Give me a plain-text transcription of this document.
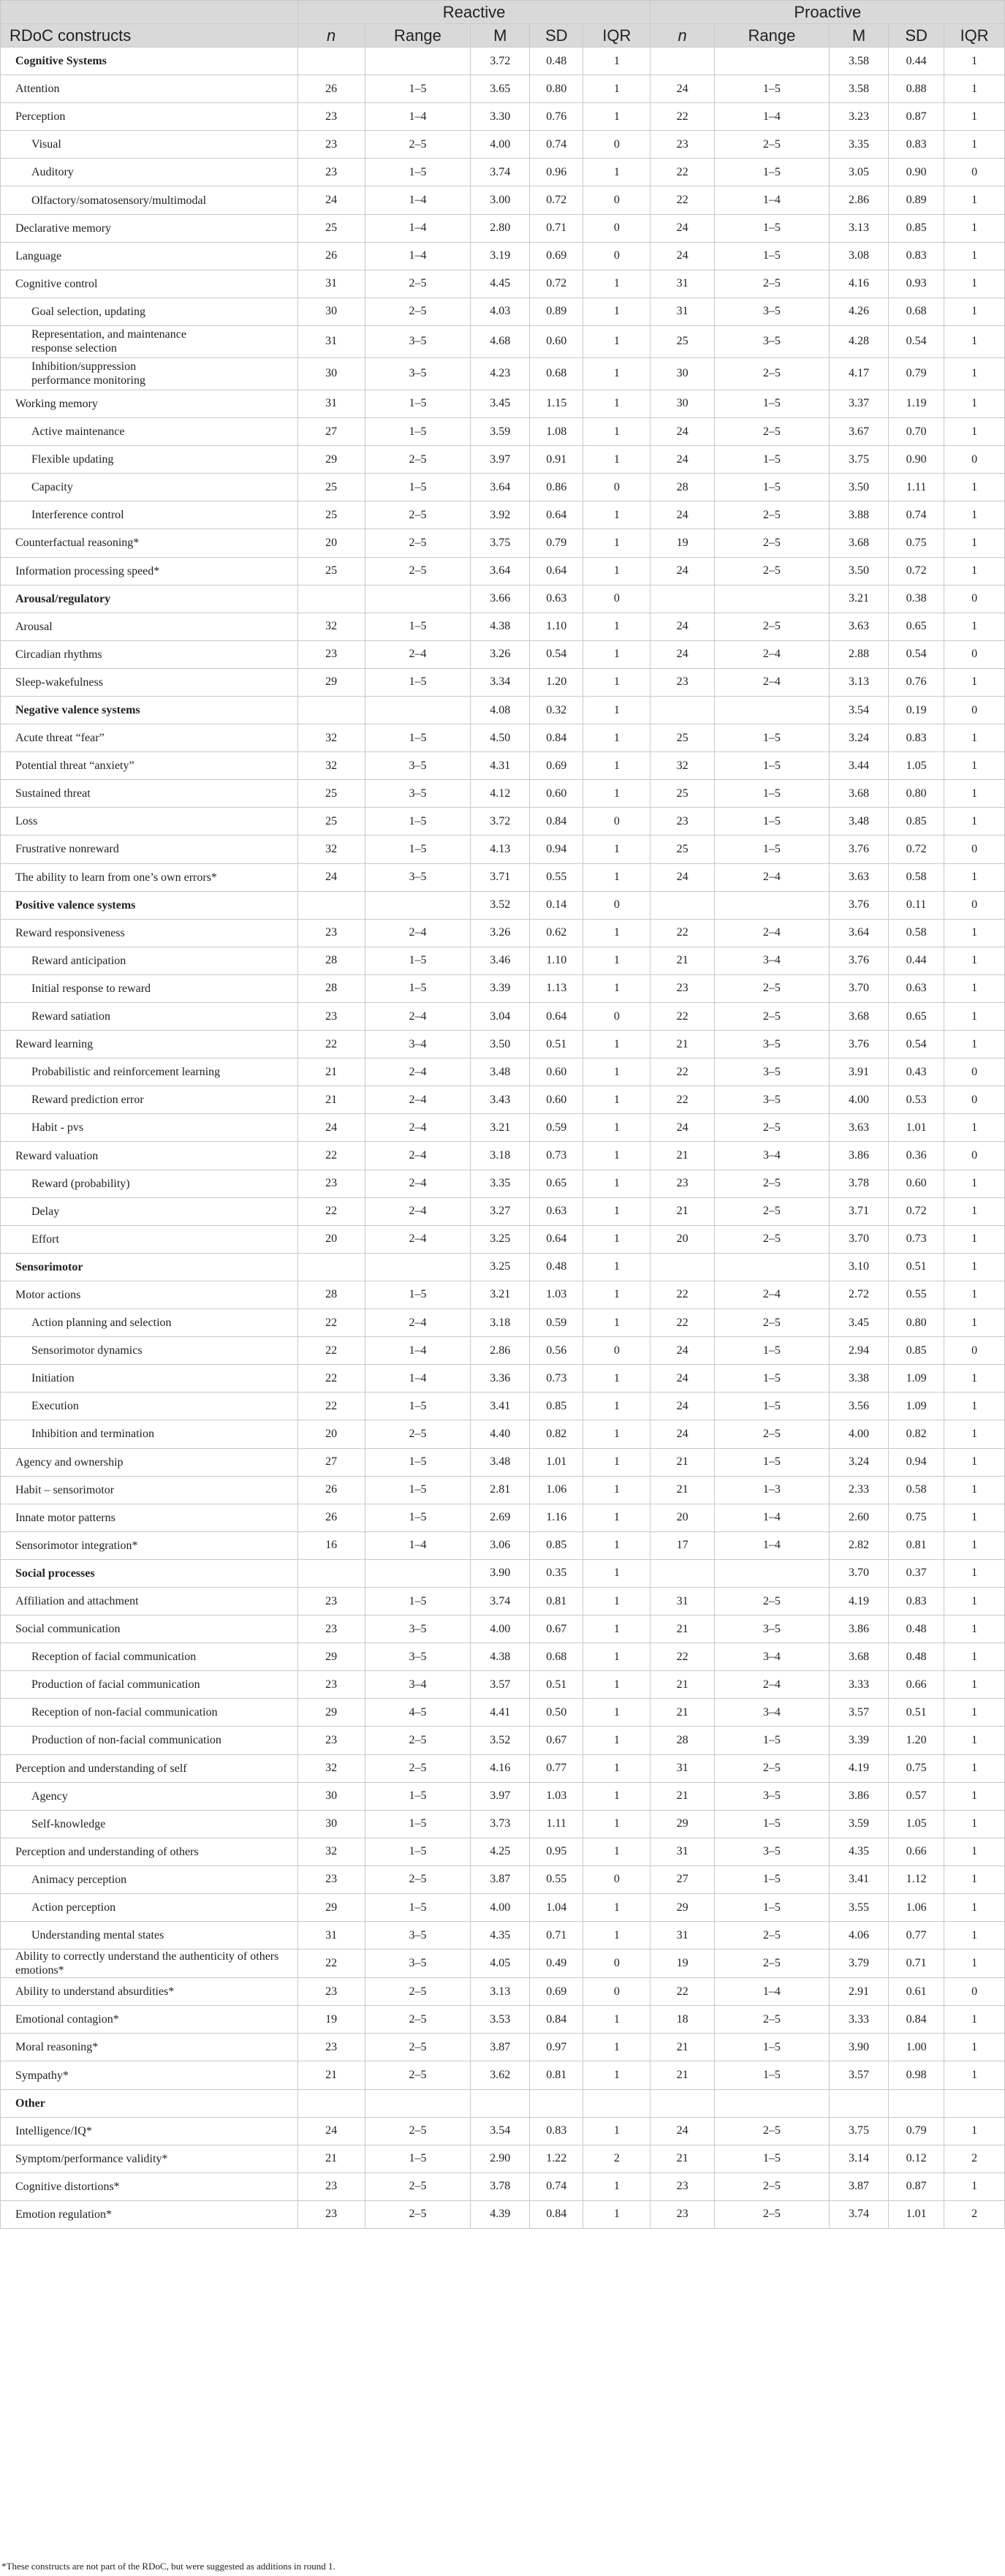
	Reactive					Proactive				
RDoC constructs	n	Range	M	SD	IQR	n	Range	M	SD	IQR
Cognitive Systems			3.72	0.48	1			3.58	0.44	1
Attention	26	1–5	3.65	0.80	1	24	1–5	3.58	0.88	1
Perception	23	1–4	3.30	0.76	1	22	1–4	3.23	0.87	1
Visual	23	2–5	4.00	0.74	0	23	2–5	3.35	0.83	1
Auditory	23	1–5	3.74	0.96	1	22	1–5	3.05	0.90	0
Olfactory/somatosensory/multimodal	24	1–4	3.00	0.72	0	22	1–4	2.86	0.89	1
Declarative memory	25	1–4	2.80	0.71	0	24	1–5	3.13	0.85	1
Language	26	1–4	3.19	0.69	0	24	1–5	3.08	0.83	1
Cognitive control	31	2–5	4.45	0.72	1	31	2–5	4.16	0.93	1
Goal selection, updating	30	2–5	4.03	0.89	1	31	3–5	4.26	0.68	1
Representation, and maintenance
response selection	31	3–5	4.68	0.60	1	25	3–5	4.28	0.54	1
Inhibition/suppression
performance monitoring	30	3–5	4.23	0.68	1	30	2–5	4.17	0.79	1
Working memory	31	1–5	3.45	1.15	1	30	1–5	3.37	1.19	1
Active maintenance	27	1–5	3.59	1.08	1	24	2–5	3.67	0.70	1
Flexible updating	29	2–5	3.97	0.91	1	24	1–5	3.75	0.90	0
Capacity	25	1–5	3.64	0.86	0	28	1–5	3.50	1.11	1
Interference control	25	2–5	3.92	0.64	1	24	2–5	3.88	0.74	1
Counterfactual reasoning*	20	2–5	3.75	0.79	1	19	2–5	3.68	0.75	1
Information processing speed*	25	2–5	3.64	0.64	1	24	2–5	3.50	0.72	1
Arousal/regulatory			3.66	0.63	0			3.21	0.38	0
Arousal	32	1–5	4.38	1.10	1	24	2–5	3.63	0.65	1
Circadian rhythms	23	2–4	3.26	0.54	1	24	2–4	2.88	0.54	0
Sleep-wakefulness	29	1–5	3.34	1.20	1	23	2–4	3.13	0.76	1
Negative valence systems			4.08	0.32	1			3.54	0.19	0
Acute threat “fear”	32	1–5	4.50	0.84	1	25	1–5	3.24	0.83	1
Potential threat “anxiety”	32	3–5	4.31	0.69	1	32	1–5	3.44	1.05	1
Sustained threat	25	3–5	4.12	0.60	1	25	1–5	3.68	0.80	1
Loss	25	1–5	3.72	0.84	0	23	1–5	3.48	0.85	1
Frustrative nonreward	32	1–5	4.13	0.94	1	25	1–5	3.76	0.72	0
The ability to learn from one’s own errors*	24	3–5	3.71	0.55	1	24	2–4	3.63	0.58	1
Positive valence systems			3.52	0.14	0			3.76	0.11	0
Reward responsiveness	23	2–4	3.26	0.62	1	22	2–4	3.64	0.58	1
Reward anticipation	28	1–5	3.46	1.10	1	21	3–4	3.76	0.44	1
Initial response to reward	28	1–5	3.39	1.13	1	23	2–5	3.70	0.63	1
Reward satiation	23	2–4	3.04	0.64	0	22	2–5	3.68	0.65	1
Reward learning	22	3–4	3.50	0.51	1	21	3–5	3.76	0.54	1
Probabilistic and reinforcement learning	21	2–4	3.48	0.60	1	22	3–5	3.91	0.43	0
Reward prediction error	21	2–4	3.43	0.60	1	22	3–5	4.00	0.53	0
Habit - pvs	24	2–4	3.21	0.59	1	24	2–5	3.63	1.01	1
Reward valuation	22	2–4	3.18	0.73	1	21	3–4	3.86	0.36	0
Reward (probability)	23	2–4	3.35	0.65	1	23	2–5	3.78	0.60	1
Delay	22	2–4	3.27	0.63	1	21	2–5	3.71	0.72	1
Effort	20	2–4	3.25	0.64	1	20	2–5	3.70	0.73	1
Sensorimotor			3.25	0.48	1			3.10	0.51	1
Motor actions	28	1–5	3.21	1.03	1	22	2–4	2.72	0.55	1
Action planning and selection	22	2–4	3.18	0.59	1	22	2–5	3.45	0.80	1
Sensorimotor dynamics	22	1–4	2.86	0.56	0	24	1–5	2.94	0.85	0
Initiation	22	1–4	3.36	0.73	1	24	1–5	3.38	1.09	1
Execution	22	1–5	3.41	0.85	1	24	1–5	3.56	1.09	1
Inhibition and termination	20	2–5	4.40	0.82	1	24	2–5	4.00	0.82	1
Agency and ownership	27	1–5	3.48	1.01	1	21	1–5	3.24	0.94	1
Habit – sensorimotor	26	1–5	2.81	1.06	1	21	1–3	2.33	0.58	1
Innate motor patterns	26	1–5	2.69	1.16	1	20	1–4	2.60	0.75	1
Sensorimotor integration*	16	1–4	3.06	0.85	1	17	1–4	2.82	0.81	1
Social processes			3.90	0.35	1			3.70	0.37	1
Affiliation and attachment	23	1–5	3.74	0.81	1	31	2–5	4.19	0.83	1
Social communication	23	3–5	4.00	0.67	1	21	3–5	3.86	0.48	1
Reception of facial communication	29	3–5	4.38	0.68	1	22	3–4	3.68	0.48	1
Production of facial communication	23	3–4	3.57	0.51	1	21	2–4	3.33	0.66	1
Reception of non-facial communication	29	4–5	4.41	0.50	1	21	3–4	3.57	0.51	1
Production of non-facial communication	23	2–5	3.52	0.67	1	28	1–5	3.39	1.20	1
Perception and understanding of self	32	2–5	4.16	0.77	1	31	2–5	4.19	0.75	1
Agency	30	1–5	3.97	1.03	1	21	3–5	3.86	0.57	1
Self-knowledge	30	1–5	3.73	1.11	1	29	1–5	3.59	1.05	1
Perception and understanding of others	32	1–5	4.25	0.95	1	31	3–5	4.35	0.66	1
Animacy perception	23	2–5	3.87	0.55	0	27	1–5	3.41	1.12	1
Action perception	29	1–5	4.00	1.04	1	29	1–5	3.55	1.06	1
Understanding mental states	31	3–5	4.35	0.71	1	31	2–5	4.06	0.77	1
Ability to correctly understand the authenticity of others emotions*	22	3–5	4.05	0.49	0	19	2–5	3.79	0.71	1
Ability to understand absurdities*	23	2–5	3.13	0.69	0	22	1–4	2.91	0.61	0
Emotional contagion*	19	2–5	3.53	0.84	1	18	2–5	3.33	0.84	1
Moral reasoning*	23	2–5	3.87	0.97	1	21	1–5	3.90	1.00	1
Sympathy*	21	2–5	3.62	0.81	1	21	1–5	3.57	0.98	1
Other										
Intelligence/IQ*	24	2–5	3.54	0.83	1	24	2–5	3.75	0.79	1
Symptom/performance validity*	21	1–5	2.90	1.22	2	21	1–5	3.14	0.12	2
Cognitive distortions*	23	2–5	3.78	0.74	1	23	2–5	3.87	0.87	1
Emotion regulation*	23	2–5	4.39	0.84	1	23	2–5	3.74	1.01	2
*These constructs are not part of the RDoC, but were suggested as additions in round 1.
